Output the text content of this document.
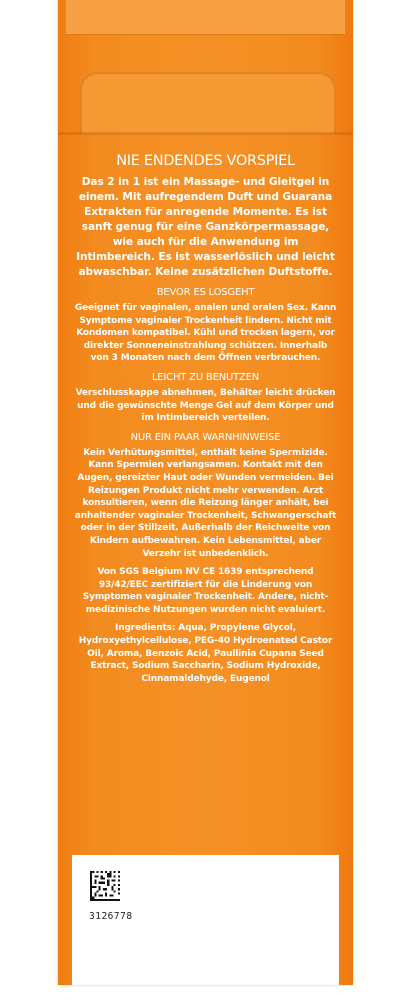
NIE ENDENDES VORSPIEL

Das 2 in 1 ist ein Massage- und Gleitgel in einem. Mit aufregendem Duft und Guarana Extrakten für anregende Momente. Es ist sanft genug für eine Ganzkörpermassage, wie auch für die Anwendung im Intimbereich. Es ist wasserlöslich und leicht abwaschbar. Keine zusätzlichen Duftstoffe.

BEVOR ES LOSGEHT

Geeignet für vaginalen, analen und oralen Sex. Kann Symptome vaginaler Trockenheit lindern. Nicht mit Kondomen kompatibel. Kühl und trocken lagern, vor direkter Sonneneinstrahlung schützen. Innerhalb von 3 Monaten nach dem Öffnen verbrauchen.

LEICHT ZU BENUTZEN

Verschlusskappe abnehmen, Behälter leicht drücken und die gewünschte Menge Gel auf dem Körper und im Intimbereich verteilen.

NUR EIN PAAR WARNHINWEISE

Kein Verhütungsmittel, enthält keine Spermizide. Kann Spermien verlangsamen. Kontakt mit den Augen, gereizter Haut oder Wunden vermeiden. Bei Reizungen Produkt nicht mehr verwenden. Arzt konsultieren, wenn die Reizung länger anhält, bei anhaltender vaginaler Trockenheit, Schwangerschaft oder in der Stillzeit. Außerhalb der Reichweite von Kindern aufbewahren. Kein Lebensmittel, aber Verzehr ist unbedenklich.

Von SGS Belgium NV CE 1639 entsprechend 93/42/EEC zertifiziert für die Linderung von Symptomen vaginaler Trockenheit. Andere, nicht-medizinische Nutzungen wurden nicht evaluiert.

Ingredients: Aqua, Propylene Glycol, Hydroxyethylcellulose, PEG-40 Hydroenated Castor Oil, Aroma, Benzoic Acid, Paullinia Cupana Seed Extract, Sodium Saccharin, Sodium Hydroxide, Cinnamaldehyde, Eugenol

3126778
